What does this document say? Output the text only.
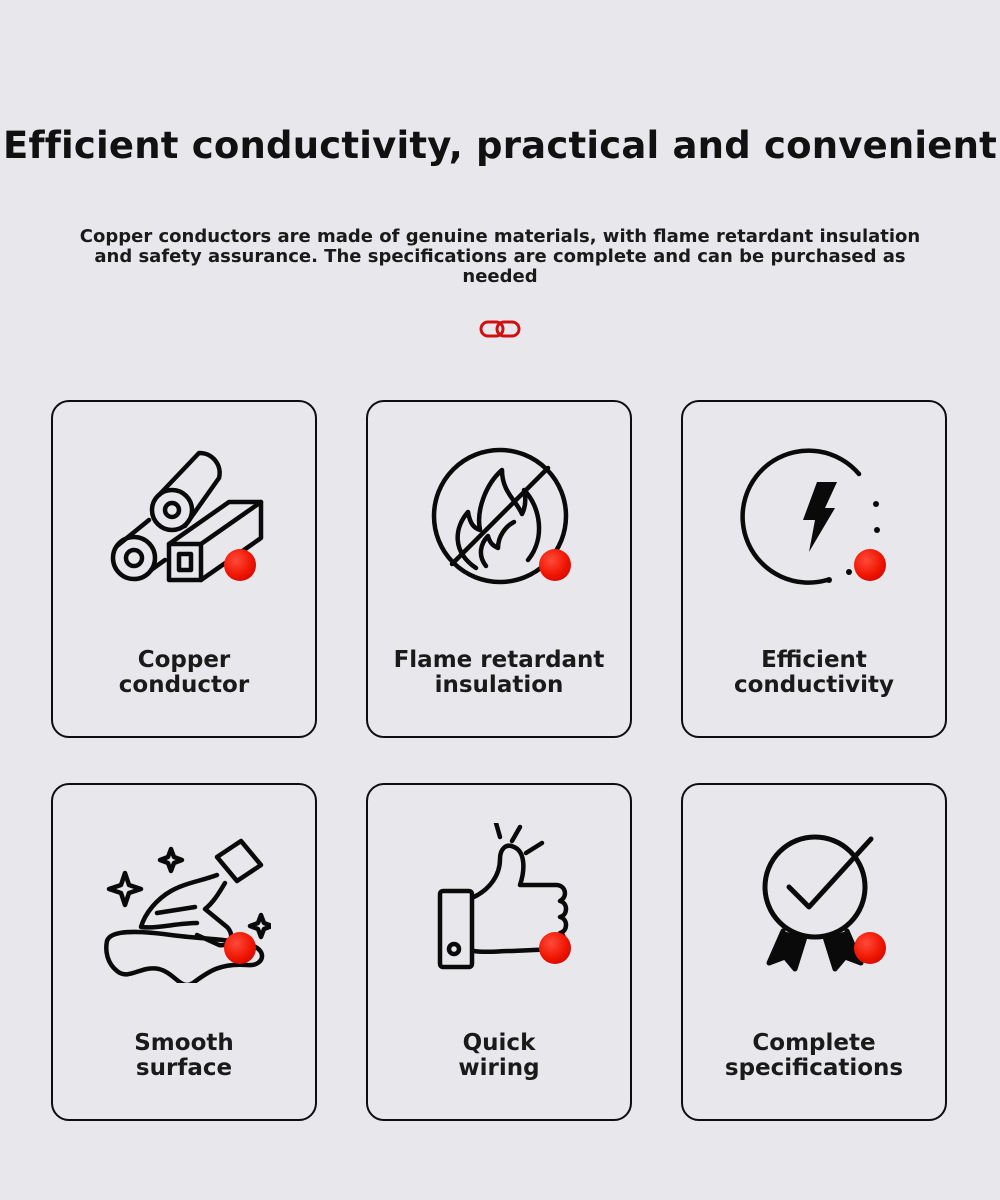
Efficient conductivity, practical and convenient

Copper conductors are made of genuine materials, with flame retardant insulation and safety assurance. The specifications are complete and can be purchased as needed

Copper
conductor
Flame retardant
insulation
Efficient
conductivity
Smooth
surface
Quick
wiring
Complete
specifications
